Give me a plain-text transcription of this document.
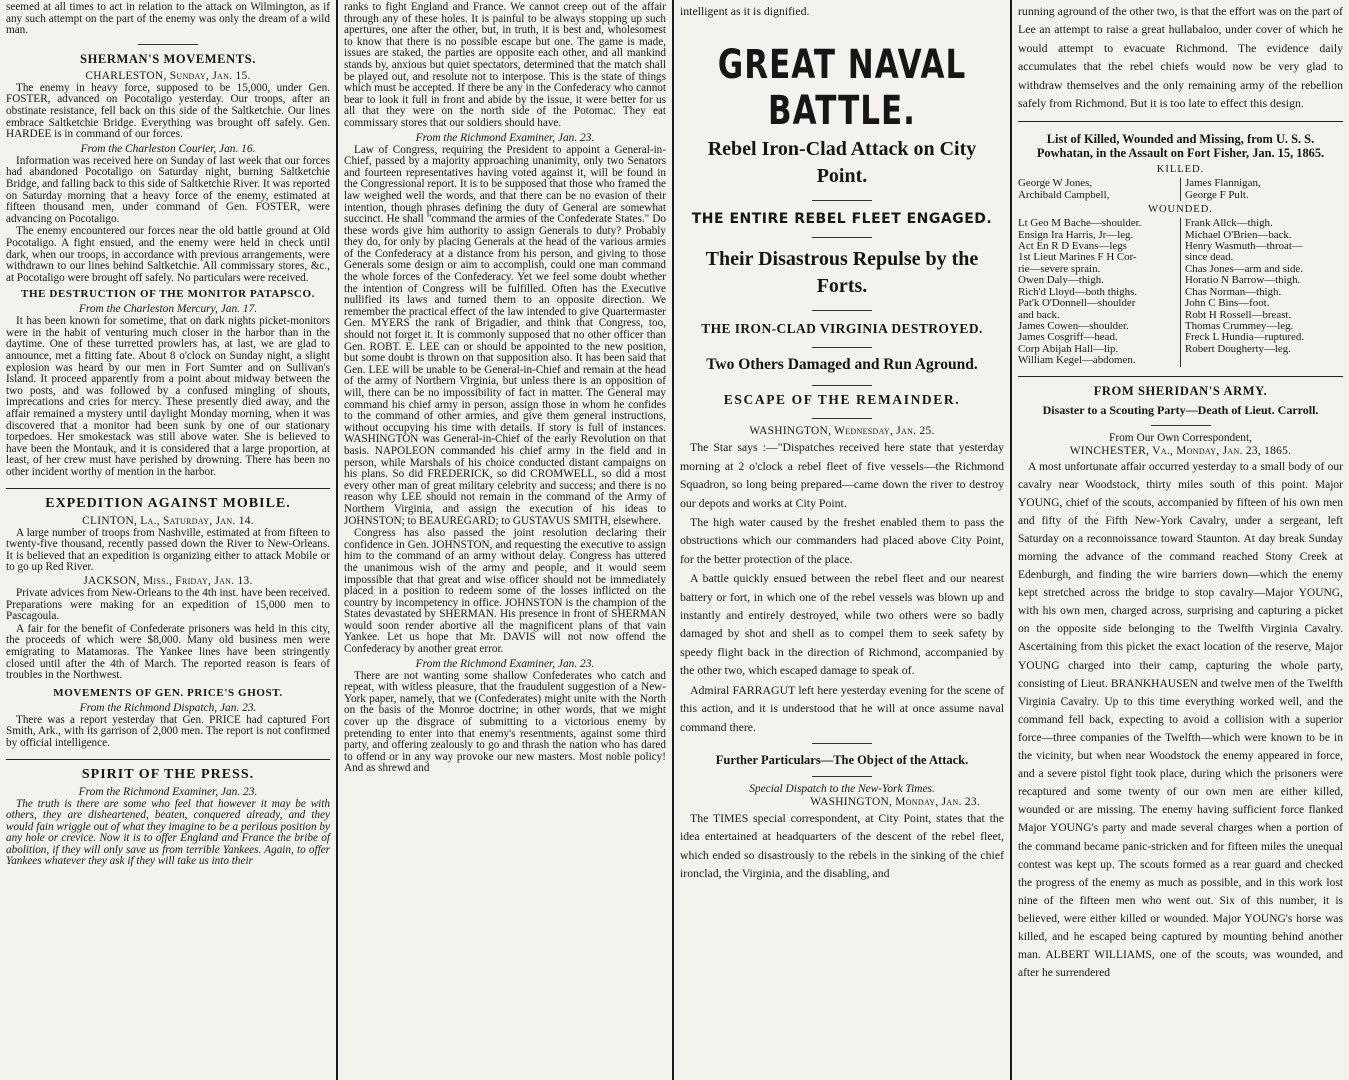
seemed at all times to act in relation to the attack on Wilmington, as if any such attempt on the part of the enemy was only the dream of a wild man.

SHERMAN'S MOVEMENTS.
CHARLESTON, Sunday, Jan. 15.

The enemy in heavy force, supposed to be 15,000, under Gen. FOSTER, advanced on Pocotaligo yesterday. Our troops, after an obstinate resistance, fell back on this side of the Saltketchie. Our lines embrace Saltketchie Bridge. Everything was brought off safely. Gen. HARDEE is in command of our forces.

From the Charleston Courier, Jan. 16.

Information was received here on Sunday of last week that our forces had abandoned Pocotaligo on Saturday night, burning Saltketchie Bridge, and falling back to this side of Saltketchie River. It was reported on Saturday morning that a heavy force of the enemy, estimated at fifteen thousand men, under command of Gen. FOSTER, were advancing on Pocotaligo.

The enemy encountered our forces near the old battle ground at Old Pocotaligo. A fight ensued, and the enemy were held in check until dark, when our troops, in accordance with previous arrangements, were withdrawn to our lines behind Saltketchie. All commissary stores, &c., at Pocotaligo were brought off safely. No particulars were received.

THE DESTRUCTION OF THE MONITOR PATAPSCO.
From the Charleston Mercury, Jan. 17.

It has been known for sometime, that on dark nights picket-monitors were in the habit of venturing much closer in the harbor than in the daytime. One of these turretted prowlers has, at last, we are glad to announce, met a fitting fate. About 8 o'clock on Sunday night, a slight explosion was heard by our men in Fort Sumter and on Sullivan's Island. It proceed apparently from a point about midway between the two posts, and was followed by a confused mingling of shouts, imprecations and cries for mercy. These presently died away, and the affair remained a mystery until daylight Monday morning, when it was discovered that a monitor had been sunk by one of our stationary torpedoes. Her smokestack was still above water. She is believed to have been the Montauk, and it is considered that a large proportion, at least, of her crew must have perished by drowning. There has been no other incident worthy of mention in the harbor.

EXPEDITION AGAINST MOBILE.
CLINTON, La., Saturday, Jan. 14.

A large number of troops from Nashville, estimated at from fifteen to twenty-five thousand, recently passed down the River to New-Orleans. It is believed that an expedition is organizing either to attack Mobile or to go up Red River.

JACKSON, Miss., Friday, Jan. 13.

Private advices from New-Orleans to the 4th inst. have been received. Preparations were making for an expedition of 15,000 men to Pascagoula.

A fair for the benefit of Confederate prisoners was held in this city, the proceeds of which were $8,000. Many old business men were emigrating to Matamoras. The Yankee lines have been stringently closed until after the 4th of March. The reported reason is fears of troubles in the Northwest.

MOVEMENTS OF GEN. PRICE'S GHOST.
From the Richmond Dispatch, Jan. 23.

There was a report yesterday that Gen. PRICE had captured Fort Smith, Ark., with its garrison of 2,000 men. The report is not confirmed by official intelligence.

SPIRIT OF THE PRESS.
From the Richmond Examiner, Jan. 23.

The truth is there are some who feel that however it may be with others, they are disheartened, beaten, conquered already, and they would fain wriggle out of what they imagine to be a perilous position by any hole or crevice. Now it is to offer England and France the bribe of abolition, if they will only save us from terrible Yankees. Again, to offer Yankees whatever they ask if they will take us into their

ranks to fight England and France. We cannot creep out of the affair through any of these holes. It is painful to be always stopping up such apertures, one after the other, but, in truth, it is best and, wholesomest to know that there is no possible escape but one. The game is made, issues are staked, the parties are opposite each other, and all mankind stands by, anxious but quiet spectators, determined that the match shall be played out, and resolute not to interpose. This is the state of things which must be accepted. If there be any in the Confederacy who cannot bear to look it full in front and abide by the issue, it were better for us all that they were on the north side of the Potomac. They eat commissary stores that our soldiers should have.

From the Richmond Examiner, Jan. 23.

Law of Congress, requiring the President to appoint a General-in-Chief, passed by a majority approaching unanimity, only two Senators and fourteen representatives having voted against it, will be found in the Congressional report. It is to be supposed that those who framed the law weighed well the words, and that there can be no evasion of their intention, though phrases defining the duty of General are somewhat succinct. He shall "command the armies of the Confederate States." Do these words give him authority to assign Generals to duty? Probably they do, for only by placing Generals at the head of the various armies of the Confederacy at a distance from his person, and giving to those Generals some design or aim to accomplish, could one man command the whole forces of the Confederacy. Yet we feel some doubt whether the intention of Congress will be fulfilled. Often has the Executive nullified its laws and turned them to an opposite direction. We remember the practical effect of the law intended to give Quartermaster Gen. MYERS the rank of Brigadier, and think that Congress, too, should not forget it. It is commonly supposed that no other officer than Gen. ROBT. E. LEE can or should be appointed to the new position, but some doubt is thrown on that supposition also. It has been said that Gen. LEE will be unable to be General-in-Chief and remain at the head of the army of Northern Virginia, but unless there is an opposition of will, there can be no impossibility of fact in matter. The General may command his chief army in person, assign those in whom he confides to the command of other armies, and give them general instructions, without occupying his time with details. If story is full of instances. WASHINGTON was General-in-Chief of the early Revolution on that basis. NAPOLEON commanded his chief army in the field and in person, while Marshals of his choice conducted distant campaigns on his plans. So did FREDERICK, so did CROMWELL, so did a most every other man of great military celebrity and success; and there is no reason why LEE should not remain in the command of the Army of Northern Virginia, and assign the execution of his ideas to JOHNSTON; to BEAUREGARD; to GUSTAVUS SMITH, elsewhere.

Congress has also passed the joint resolution declaring their confidence in Gen. JOHNSTON, and requesting the executive to assign him to the command of an army without delay. Congress has uttered the unanimous wish of the army and people, and it would seem impossible that that great and wise officer should not be immediately placed in a position to redeem some of the losses inflicted on the country by incompetency in office. JOHNSTON is the champion of the States devastated by SHERMAN. His presence in front of SHERMAN would soon render abortive all the magnificent plans of that vain Yankee. Let us hope that Mr. DAVIS will not now offend the Confederacy by another great error.

From the Richmond Examiner, Jan. 23.

There are not wanting some shallow Confederates who catch and repeat, with witless pleasure, that the fraudulent suggestion of a New-York paper, namely, that we (Confederates) might unite with the North on the basis of the Monroe doctrine; in other words, that we might cover up the disgrace of submitting to a victorious enemy by pretending to enter into that enemy's resentments, against some third party, and offering zealously to go and thrash the nation who has dared to offend or in any way provoke our new masters. Most noble policy! And as shrewd and

intelligent as it is dignified.

GREAT NAVAL BATTLE.
Rebel Iron-Clad Attack on City Point.
THE ENTIRE REBEL FLEET ENGAGED.
Their Disastrous Repulse by the Forts.
THE IRON-CLAD VIRGINIA DESTROYED.
Two Others Damaged and Run Aground.
ESCAPE OF THE REMAINDER.
WASHINGTON, Wednesday, Jan. 25.

The Star says :—"Dispatches received here state that yesterday morning at 2 o'clock a rebel fleet of five vessels—the Richmond Squadron, so long being prepared—came down the river to destroy our depots and works at City Point.

The high water caused by the freshet enabled them to pass the obstructions which our commanders had placed above City Point, for the better protection of the place.

A battle quickly ensued between the rebel fleet and our nearest battery or fort, in which one of the rebel vessels was blown up and instantly and entirely destroyed, while two others were so badly damaged by shot and shell as to compel them to seek safety by speedy flight back in the direction of Richmond, accompanied by the other two, which escaped damage to speak of.

Admiral FARRAGUT left here yesterday evening for the scene of this action, and it is understood that he will at once assume naval command there.

Further Particulars—The Object of the Attack.
Special Dispatch to the New-York Times.
WASHINGTON, Monday, Jan. 23.

The TIMES special correspondent, at City Point, states that the idea entertained at headquarters of the descent of the rebel fleet, which ended so disastrously to the rebels in the sinking of the chief ironclad, the Virginia, and the disabling, and

running aground of the other two, is that the effort was on the part of Lee an attempt to raise a great hullabaloo, under cover of which he would attempt to evacuate Richmond. The evidence daily accumulates that the rebel chiefs would now be very glad to withdraw themselves and the only remaining army of the rebellion safely from Richmond. But it is too late to effect this design.

List of Killed, Wounded and Missing, from U. S. S. Powhatan, in the Assault on Fort Fisher, Jan. 15, 1865.
KILLED.
George W Jones,
Archibald Campbell,
James Flannigan,
George F Pult.
WOUNDED.
Lt Geo M Bache—shoulder.
Ensign Ira Harris, Jr—leg.
Act En R D Evans—legs
1st Lieut Marines F H Cor-
rie—severe sprain.
Owen Daly—thigh.
Rich'd Lloyd—both thighs.
Pat'k O'Donnell—shoulder
and back.
James Cowen—shoulder.
James Cosgriff—head.
Corp Abijah Hall—lip.
William Kegel—abdomen.
Frank Allck—thigh.
Michael O'Brien—back.
Henry Wasmuth—throat—
since dead.
Chas Jones—arm and side.
Horatio N Barrow—thigh.
Chas Norman—thigh.
John C Bins—foot.
Robt H Rossell—breast.
Thomas Crummey—leg.
Freck L Hundia—ruptured.
Robert Dougherty—leg.
FROM SHERIDAN'S ARMY.
Disaster to a Scouting Party—Death of Lieut. Carroll.
From Our Own Correspondent,
WINCHESTER, Va., Monday, Jan. 23, 1865.

A most unfortunate affair occurred yesterday to a small body of our cavalry near Woodstock, thirty miles south of this point. Major YOUNG, chief of the scouts, accompanied by fifteen of his own men and fifty of the Fifth New-York Cavalry, under a sergeant, left Saturday on a reconnoissance toward Staunton. At day break Sunday morning the advance of the command reached Stony Creek at Edenburgh, and finding the wire barriers down—which the enemy kept stretched across the bridge to stop cavalry—Major YOUNG, with his own men, charged across, surprising and capturing a picket on the opposite side belonging to the Twelfth Virginia Cavalry. Ascertaining from this picket the exact location of the reserve, Major YOUNG charged into their camp, capturing the whole party, consisting of Lieut. BRANKHAUSEN and twelve men of the Twelfth Virginia Cavalry. Up to this time everything worked well, and the command fell back, expecting to avoid a collision with a superior force—three companies of the Twelfth—which were known to be in the vicinity, but when near Woodstock the enemy appeared in force, and a severe pistol fight took place, during which the prisoners were recaptured and some twenty of our own men are either killed, wounded or are missing. The enemy having sufficient force flanked Major YOUNG's party and made several charges when a portion of the command became panic-stricken and for fifteen miles the unequal contest was kept up. The scouts formed as a rear guard and checked the progress of the enemy as much as possible, and in this work lost nine of the fifteen men who went out. Six of this number, it is believed, were either killed or wounded. Major YOUNG's horse was killed, and he escaped being captured by mounting behind another man. ALBERT WILLIAMS, one of the scouts, was wounded, and after he surrendered
